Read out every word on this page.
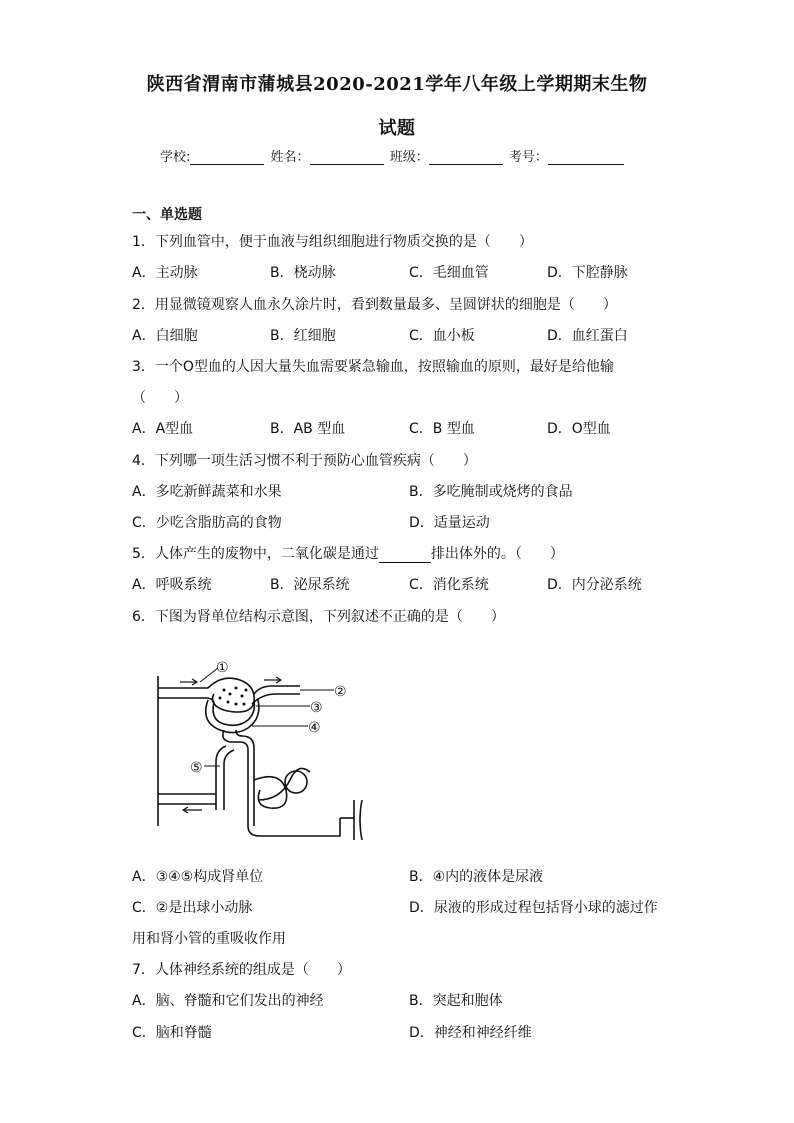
陕西省渭南市蒲城县2020-2021学年八年级上学期期末生物
试题
学校:	姓名：	班级：	考号：
一、单选题
1．下列血管中，便于血液与组织细胞进行物质交换的是（　　）
A．主动脉	B．桡动脉	C．毛细血管	D．下腔静脉
2．用显微镜观察人血永久涂片时，看到数量最多、呈圆饼状的细胞是（　　）
A．白细胞	B．红细胞	C．血小板	D．血红蛋白
3．一个O型血的人因大量失血需要紧急输血，按照输血的原则，最好是给他输
（　　）
A．A型血	B．AB 型血	C．B 型血	D．O型血
4．下列哪一项生活习惯不利于预防心血管疾病（　　）
A．多吃新鲜蔬菜和水果	B．多吃腌制或烧烤的食品
C．少吃含脂肪高的食物	D．适量运动
5．人体产生的废物中，二氧化碳是通过	排出体外的。（　　）
A．呼吸系统	B．泌尿系统	C．消化系统	D．内分泌系统
6．下图为肾单位结构示意图，下列叙述不正确的是（　　）
①
②
③
④
⑤
A．③④⑤构成肾单位	B．④内的液体是尿液
C．②是出球小动脉	D．尿液的形成过程包括肾小球的滤过作
用和肾小管的重吸收作用
7．人体神经系统的组成是（　　）
A．脑、脊髓和它们发出的神经	B．突起和胞体
C．脑和脊髓	D．神经和神经纤维
